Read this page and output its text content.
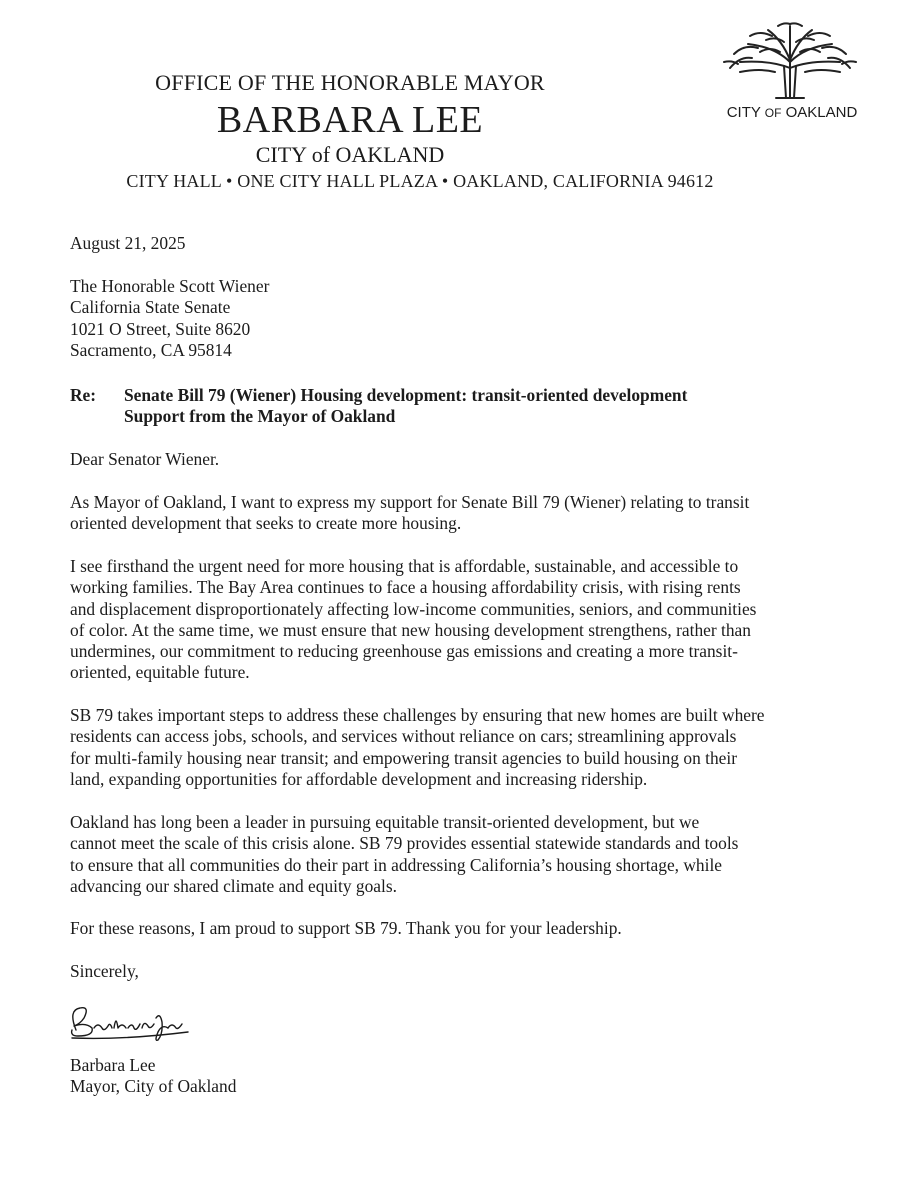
OFFICE OF THE HONORABLE MAYOR
BARBARA LEE
CITY of OAKLAND
CITY HALL • ONE CITY HALL PLAZA • OAKLAND, CALIFORNIA 94612
CITY OF OAKLAND
August 21, 2025
The Honorable Scott Wiener
California State Senate
1021 O Street, Suite 8620
Sacramento, CA 95814
Re: Senate Bill 79 (Wiener) Housing development: transit-oriented development
Support from the Mayor of Oakland
Dear Senator Wiener.
As Mayor of Oakland, I want to express my support for Senate Bill 79 (Wiener) relating to transit
oriented development that seeks to create more housing.
I see firsthand the urgent need for more housing that is affordable, sustainable, and accessible to
working families. The Bay Area continues to face a housing affordability crisis, with rising rents
and displacement disproportionately affecting low-income communities, seniors, and communities
of color. At the same time, we must ensure that new housing development strengthens, rather than
undermines, our commitment to reducing greenhouse gas emissions and creating a more transit-
oriented, equitable future.
SB 79 takes important steps to address these challenges by ensuring that new homes are built where
residents can access jobs, schools, and services without reliance on cars; streamlining approvals
for multi-family housing near transit; and empowering transit agencies to build housing on their
land, expanding opportunities for affordable development and increasing ridership.
Oakland has long been a leader in pursuing equitable transit-oriented development, but we
cannot meet the scale of this crisis alone. SB 79 provides essential statewide standards and tools
to ensure that all communities do their part in addressing California’s housing shortage, while
advancing our shared climate and equity goals.
For these reasons, I am proud to support SB 79. Thank you for your leadership.
Sincerely,
Barbara Lee
Mayor, City of Oakland
